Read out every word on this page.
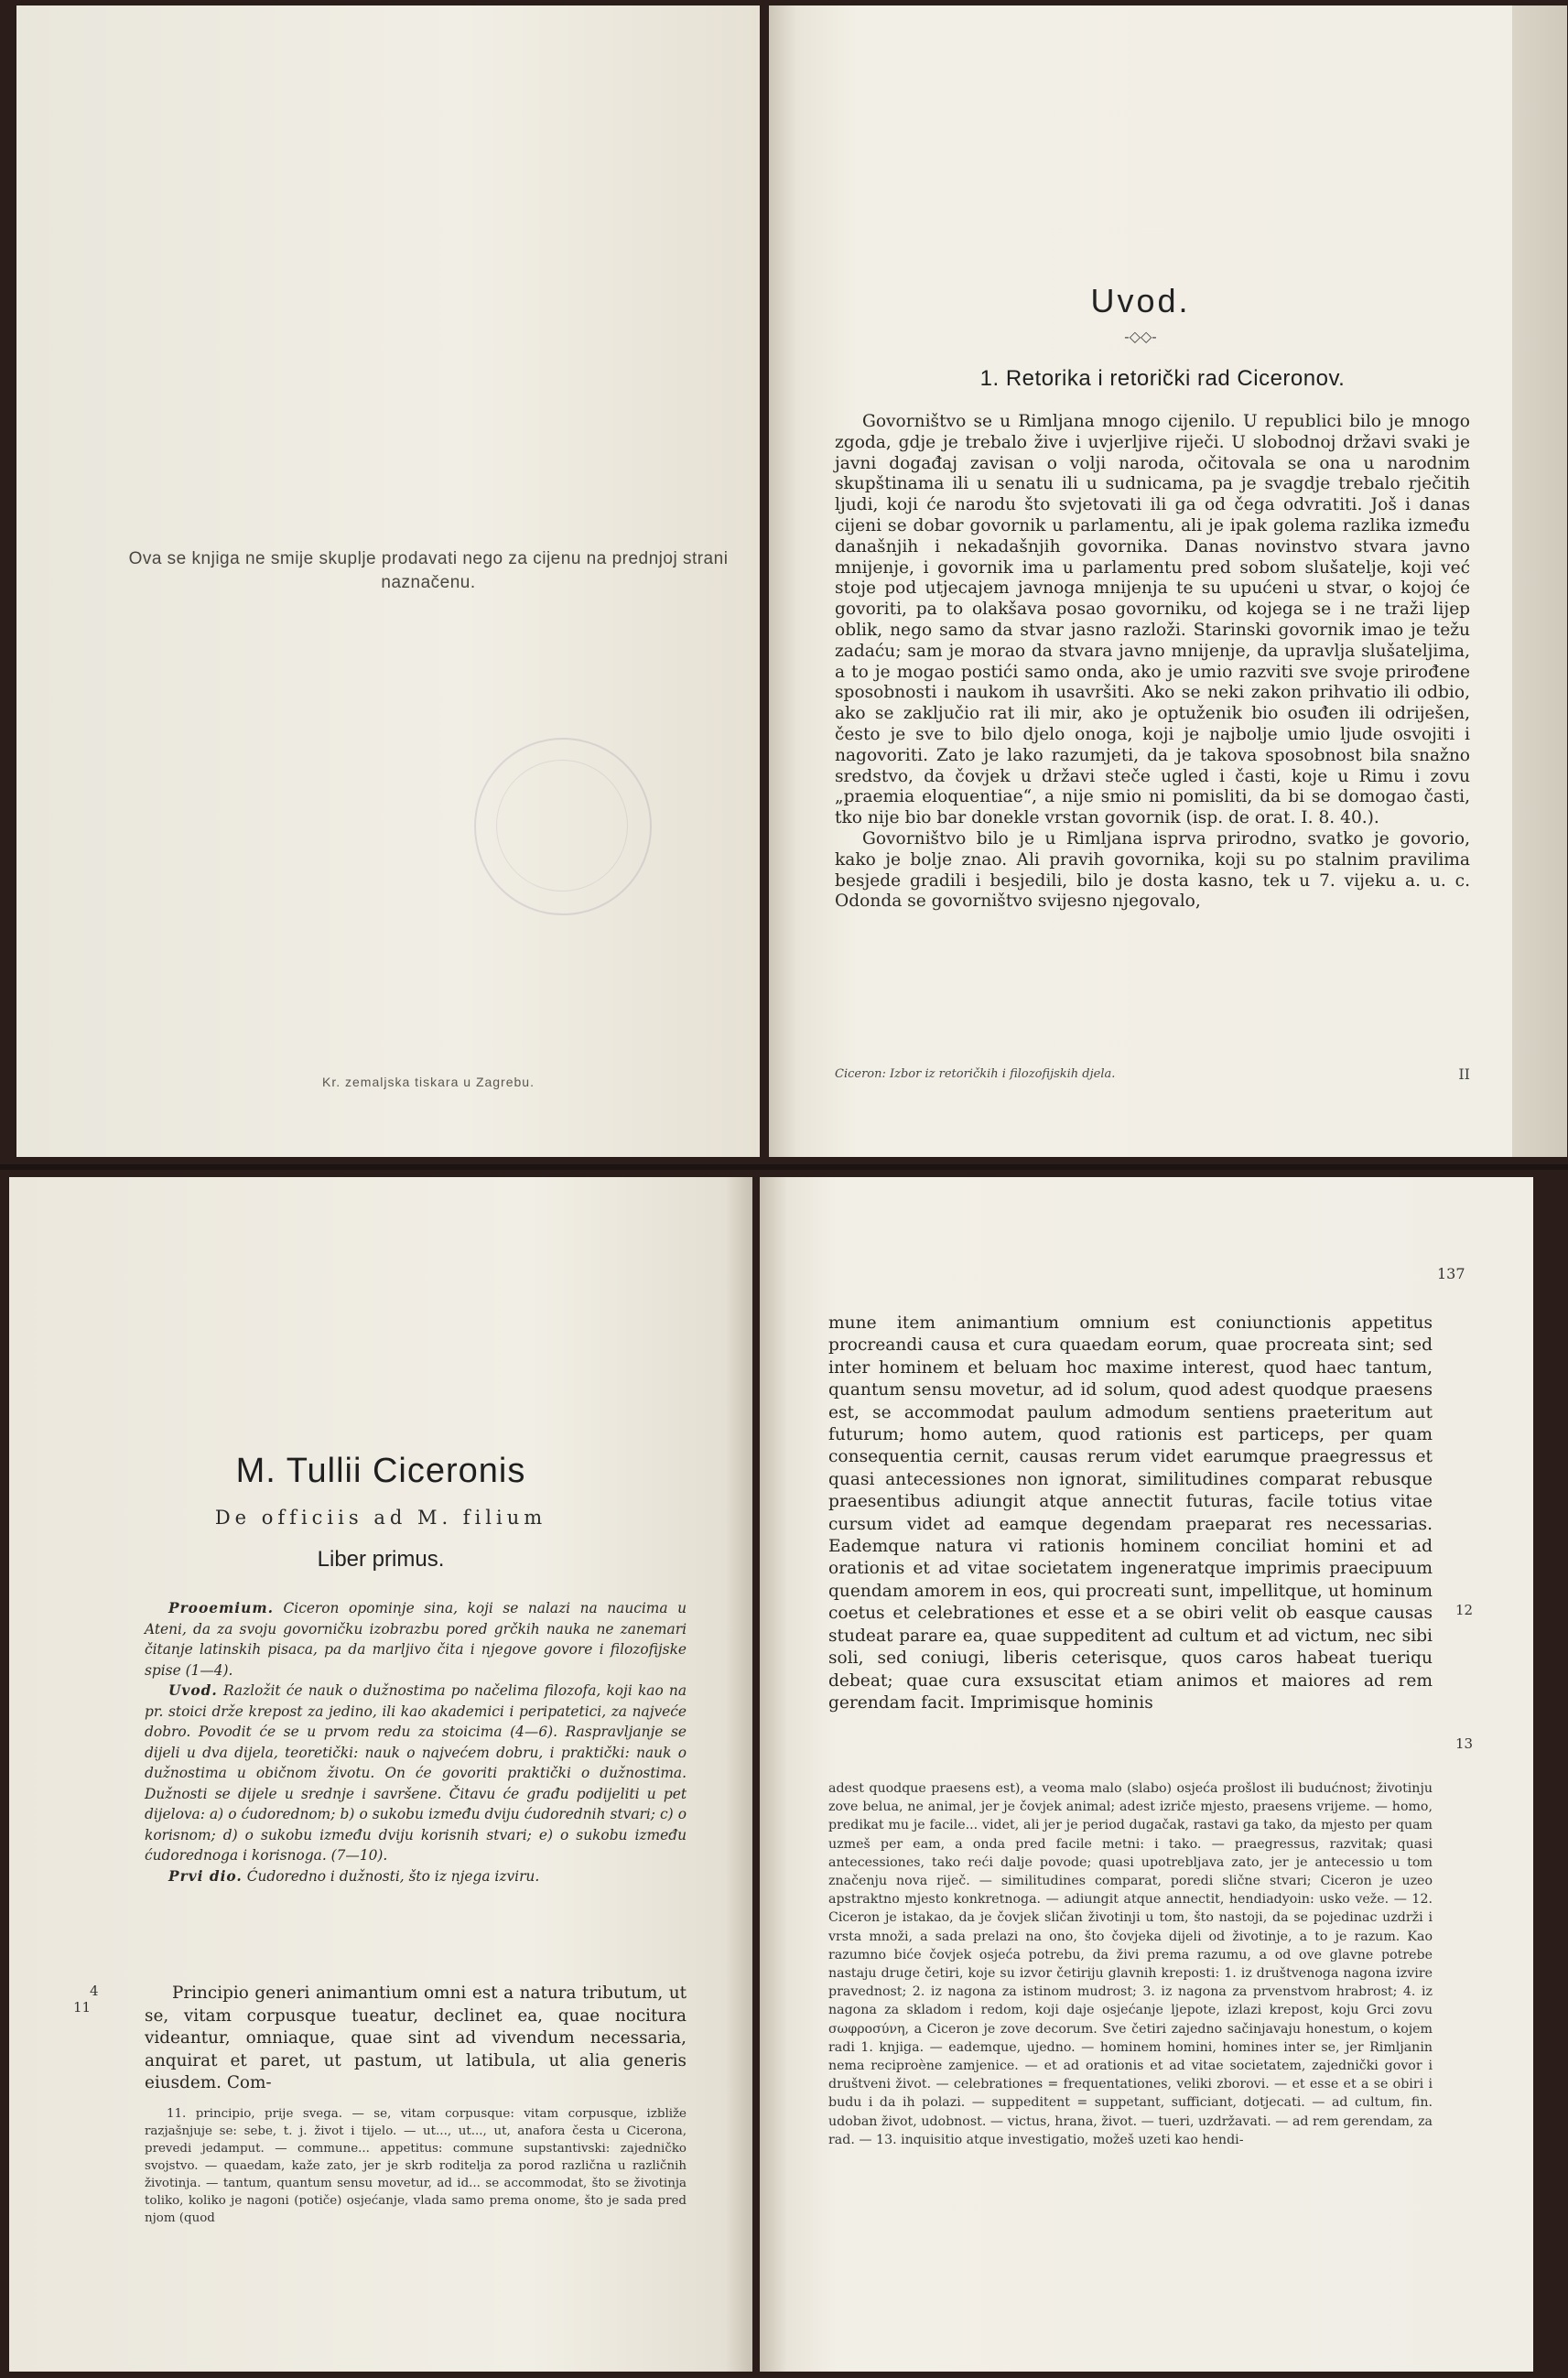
Ova se knjiga ne smije skuplje prodavati nego za cijenu na prednjoj strani naznačenu.
Kr. zemaljska tiskara u Zagrebu.
Uvod.
-◇◇-
1. Retorika i retorički rad Ciceronov.

Govorništvo se u Rimljana mnogo cijenilo. U republici bilo je mnogo zgoda, gdje je trebalo žive i uvjerljive riječi. U slobodnoj državi svaki je javni događaj zavisan o volji naroda, očitovala se ona u narodnim skupštinama ili u senatu ili u sudnicama, pa je svagdje trebalo rječitih ljudi, koji će narodu što svjetovati ili ga od čega odvratiti. Još i danas cijeni se dobar govornik u parlamentu, ali je ipak golema razlika između današnjih i nekadašnjih govornika. Danas novinstvo stvara javno mnijenje, i govornik ima u parlamentu pred sobom slušatelje, koji već stoje pod utjecajem javnoga mnijenja te su upućeni u stvar, o kojoj će govoriti, pa to olakšava posao govorniku, od kojega se i ne traži lijep oblik, nego samo da stvar jasno razloži. Starinski govornik imao je težu zadaću; sam je morao da stvara javno mnijenje, da upravlja slušateljima, a to je mogao postići samo onda, ako je umio razviti sve svoje prirođene sposobnosti i naukom ih usavršiti. Ako se neki zakon prihvatio ili odbio, ako se zaključio rat ili mir, ako je optuženik bio osuđen ili odriješen, često je sve to bilo djelo onoga, koji je najbolje umio ljude osvojiti i nagovoriti. Zato je lako razumjeti, da je takova sposobnost bila snažno sredstvo, da čovjek u državi steče ugled i časti, koje u Rimu i zovu „praemia eloquentiae“, a nije smio ni pomisliti, da bi se domogao časti, tko nije bio bar donekle vrstan govornik (isp. de orat. I. 8. 40.).

Govorništvo bilo je u Rimljana isprva prirodno, svatko je govorio, kako je bolje znao. Ali pravih govornika, koji su po stalnim pravilima besjede gradili i besjedili, bilo je dosta kasno, tek u 7. vijeku a. u. c. Odonda se govorništvo svijesno njegovalo,

Ciceron: Izbor iz retoričkih i filozofijskih djela.	II
M. Tullii Ciceronis
De officiis ad M. filium
Liber primus.

Prooemium. Ciceron opominje sina, koji se nalazi na naucima u Ateni, da za svoju govorničku izobrazbu pored grčkih nauka ne zanemari čitanje latinskih pisaca, pa da marljivo čita i njegove govore i filozofijske spise (1—4).

Uvod. Razložit će nauk o dužnostima po načelima filozofa, koji kao na pr. stoici drže krepost za jedino, ili kao akademici i peripatetici, za najveće dobro. Povodit će se u prvom redu za stoicima (4—6). Raspravljanje se dijeli u dva dijela, teoretički: nauk o najvećem dobru, i praktički: nauk o dužnostima u običnom životu. On će govoriti praktički o dužnostima. Dužnosti se dijele u srednje i savršene. Čitavu će građu podijeliti u pet dijelova: a) o ćudorednom; b) o sukobu između dviju ćudorednih stvari; c) o korisnom; d) o sukobu između dviju korisnih stvari; e) o sukobu između ćudorednoga i korisnoga. (7—10).

Prvi dio. Ćudoredno i dužnosti, što iz njega izviru.

4
11

Principio generi animantium omni est a natura tributum, ut se, vitam corpusque tueatur, declinet ea, quae nocitura videantur, omniaque, quae sint ad vivendum necessaria, anquirat et paret, ut pastum, ut latibula, ut alia generis eiusdem. Com-

11. principio, prije svega. — se, vitam corpusque: vitam corpusque, izbliže razjašnjuje se: sebe, t. j. život i tijelo. — ut..., ut..., ut, anafora česta u Cicerona, prevedi jedamput. — commune... appetitus: commune supstantivski: zajedničko svojstvo. — quaedam, kaže zato, jer je skrb roditelja za porod različna u različnih životinja. — tantum, quantum sensu movetur, ad id... se accommodat, što se životinja toliko, koliko je nagoni (potiče) osjećanje, vlada samo prema onome, što je sada pred njom (quod

137

mune item animantium omnium est coniunctionis appetitus procreandi causa et cura quaedam eorum, quae procreata sint; sed inter hominem et beluam hoc maxime interest, quod haec tantum, quantum sensu movetur, ad id solum, quod adest quodque praesens est, se accommodat paulum admodum sentiens praeteritum aut futurum; homo autem, quod rationis est particeps, per quam consequentia cernit, causas rerum videt earumque praegressus et quasi antecessiones non ignorat, similitudines comparat rebusque praesentibus adiungit atque annectit futuras, facile totius vitae cursum videt ad eamque degendam praeparat res necessarias. Eademque natura vi rationis hominem conciliat homini et ad orationis et ad vitae societatem ingeneratque imprimis praecipuum quendam amorem in eos, qui procreati sunt, impellitque, ut hominum coetus et celebrationes et esse et a se obiri velit ob easque causas studeat parare ea, quae suppeditent ad cultum et ad victum, nec sibi soli, sed coniugi, liberis ceterisque, quos caros habeat tueriqu debeat; quae cura exsuscitat etiam animos et maiores ad rem gerendam facit. Imprimisque hominis

12
13

adest quodque praesens est), a veoma malo (slabo) osjeća prošlost ili budućnost; životinju zove belua, ne animal, jer je čovjek animal; adest izriče mjesto, praesens vrijeme. — homo, predikat mu je facile... videt, ali jer je period dugačak, rastavi ga tako, da mjesto per quam uzmeš per eam, a onda pred facile metni: i tako. — praegressus, razvitak; quasi antecessiones, tako reći dalje povode; quasi upotrebljava zato, jer je antecessio u tom značenju nova riječ. — similitudines comparat, poredi slične stvari; Ciceron je uzeo apstraktno mjesto konkretnoga. — adiungit atque annectit, hendiadyoin: usko veže. — 12. Ciceron je istakao, da je čovjek sličan životinji u tom, što nastoji, da se pojedinac uzdrži i vrsta množi, a sada prelazi na ono, što čovjeka dijeli od životinje, a to je razum. Kao razumno biće čovjek osjeća potrebu, da živi prema razumu, a od ove glavne potrebe nastaju druge četiri, koje su izvor četiriju glavnih kreposti: 1. iz društvenoga nagona izvire pravednost; 2. iz nagona za istinom mudrost; 3. iz nagona za prvenstvom hrabrost; 4. iz nagona za skladom i redom, koji daje osjećanje ljepote, izlazi krepost, koju Grci zovu σωφροσύνη, a Ciceron je zove decorum. Sve četiri zajedno sačinjavaju honestum, o kojem radi 1. knjiga. — eademque, ujedno. — hominem homini, homines inter se, jer Rimljanin nema reciproène zamjenice. — et ad orationis et ad vitae societatem, zajednički govor i društveni život. — celebrationes = frequentationes, veliki zborovi. — et esse et a se obiri i budu i da ih polazi. — suppeditent = suppetant, sufficiant, dotjecati. — ad cultum, fin. udoban život, udobnost. — victus, hrana, život. — tueri, uzdržavati. — ad rem gerendam, za rad. — 13. inquisitio atque investigatio, možeš uzeti kao hendi-
